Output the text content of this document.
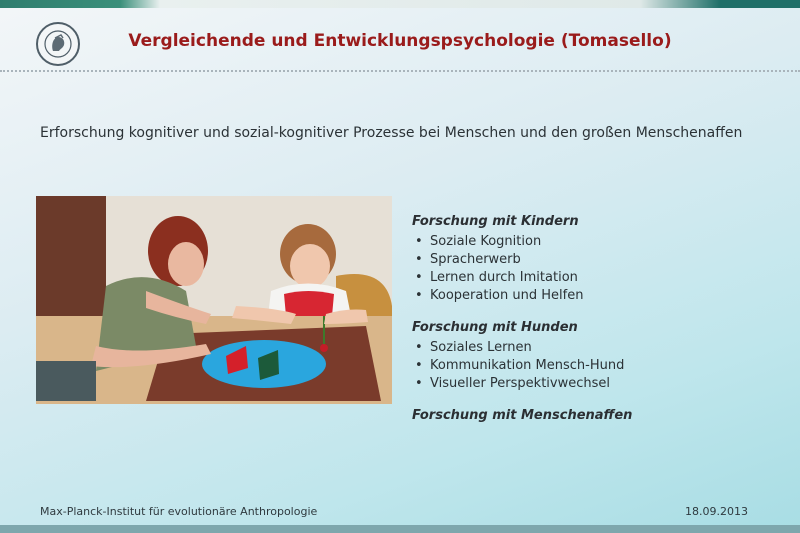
Vergleichende und Entwicklungspsychologie (Tomasello)
Erforschung kognitiver und sozial-kognitiver Prozesse bei Menschen und den großen Menschenaffen
Forschung mit Kindern
• Soziale Kognition
• Spracherwerb
• Lernen durch Imitation
• Kooperation und Helfen
Forschung mit Hunden
• Soziales Lernen
• Kommunikation Mensch-Hund
• Visueller Perspektivwechsel
Forschung mit Menschenaffen
Max-Planck-Institut für evolutionäre Anthropologie	18.09.2013
